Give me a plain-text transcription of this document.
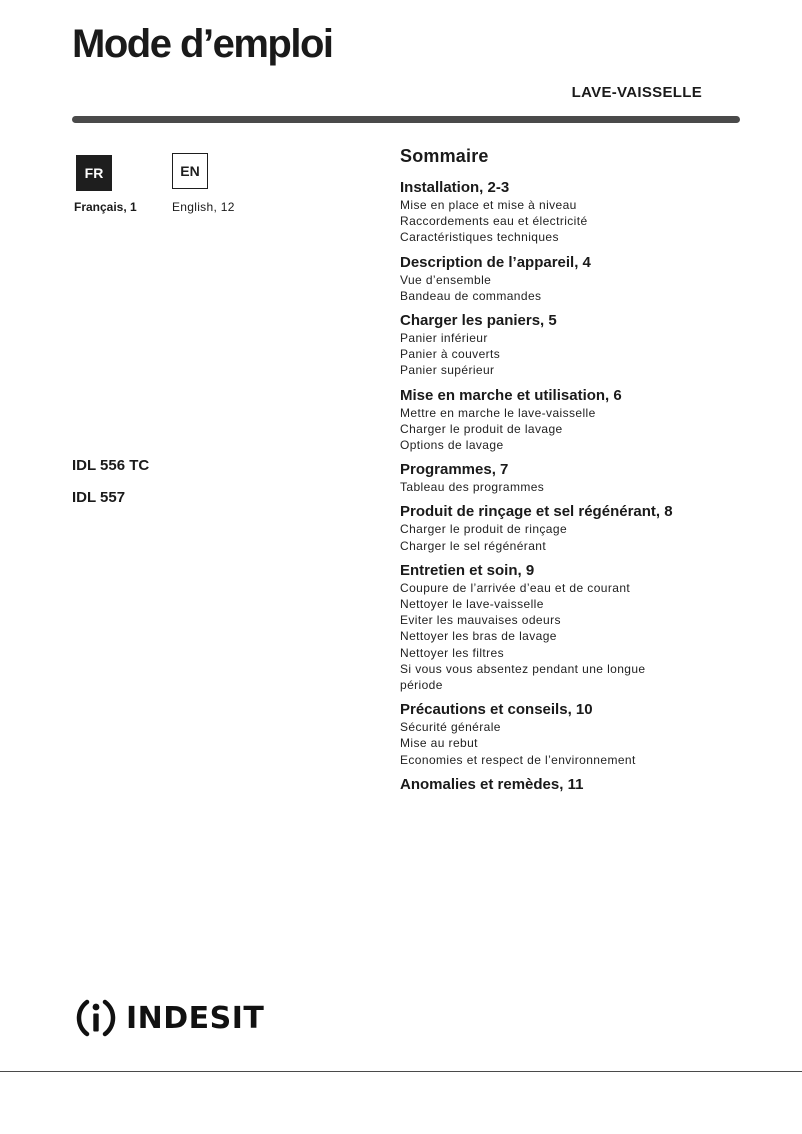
Mode d’emploi
LAVE-VAISSELLE
FR	EN
Français, 1	English, 12
IDL 556 TC
IDL 557
Sommaire
Installation, 2-3
Mise en place et mise à niveau
Raccordements eau et électricité
Caractéristiques techniques
Description de l’appareil, 4
Vue d’ensemble
Bandeau de commandes
Charger les paniers, 5
Panier inférieur
Panier à couverts
Panier supérieur
Mise en marche et utilisation, 6
Mettre en marche le lave-vaisselle
Charger le produit de lavage
Options de lavage
Programmes, 7
Tableau des programmes
Produit de rinçage et sel régénérant, 8
Charger le produit de rinçage
Charger le sel régénérant
Entretien et soin, 9
Coupure de l’arrivée d’eau et de courant
Nettoyer le lave-vaisselle
Eviter les mauvaises odeurs
Nettoyer les bras de lavage
Nettoyer les filtres
Si vous vous absentez pendant une longue
période
Précautions et conseils, 10
Sécurité générale
Mise au rebut
Economies et respect de l’environnement
Anomalies et remèdes, 11
INDESIT
